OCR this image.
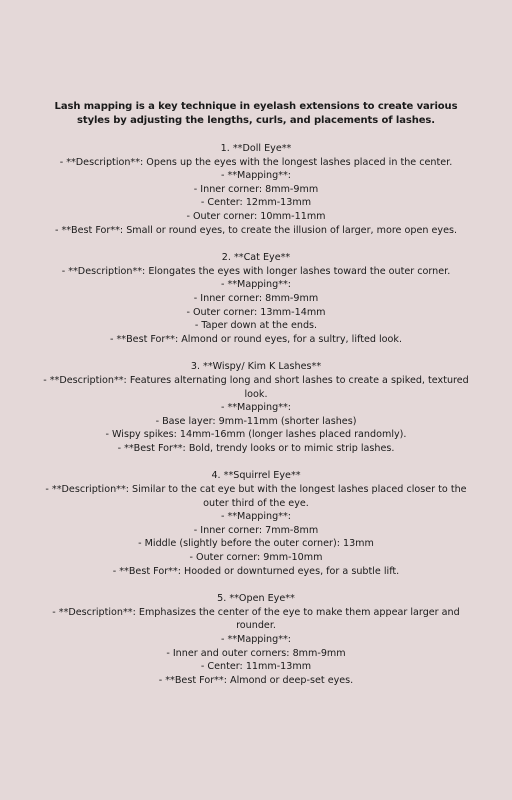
Lash mapping is a key technique in eyelash extensions to create various styles by adjusting the lengths, curls, and placements of lashes.

1. **Doll Eye**

- **Description**: Opens up the eyes with the longest lashes placed in the center.

- **Mapping**:

- Inner corner: 8mm-9mm

- Center: 12mm-13mm

- Outer corner: 10mm-11mm

- **Best For**: Small or round eyes, to create the illusion of larger, more open eyes.

2. **Cat Eye**

- **Description**: Elongates the eyes with longer lashes toward the outer corner.

- **Mapping**:

- Inner corner: 8mm-9mm

- Outer corner: 13mm-14mm

- Taper down at the ends.

- **Best For**: Almond or round eyes, for a sultry, lifted look.

3. **Wispy/ Kim K Lashes**

- **Description**: Features alternating long and short lashes to create a spiked, textured look.

- **Mapping**:

- Base layer: 9mm-11mm (shorter lashes)

- Wispy spikes: 14mm-16mm (longer lashes placed randomly).

- **Best For**: Bold, trendy looks or to mimic strip lashes.

4. **Squirrel Eye**

- **Description**: Similar to the cat eye but with the longest lashes placed closer to the outer third of the eye.

- **Mapping**:

- Inner corner: 7mm-8mm

- Middle (slightly before the outer corner): 13mm

- Outer corner: 9mm-10mm

- **Best For**: Hooded or downturned eyes, for a subtle lift.

5. **Open Eye**

- **Description**: Emphasizes the center of the eye to make them appear larger and rounder.

- **Mapping**:

- Inner and outer corners: 8mm-9mm

- Center: 11mm-13mm

- **Best For**: Almond or deep-set eyes.
